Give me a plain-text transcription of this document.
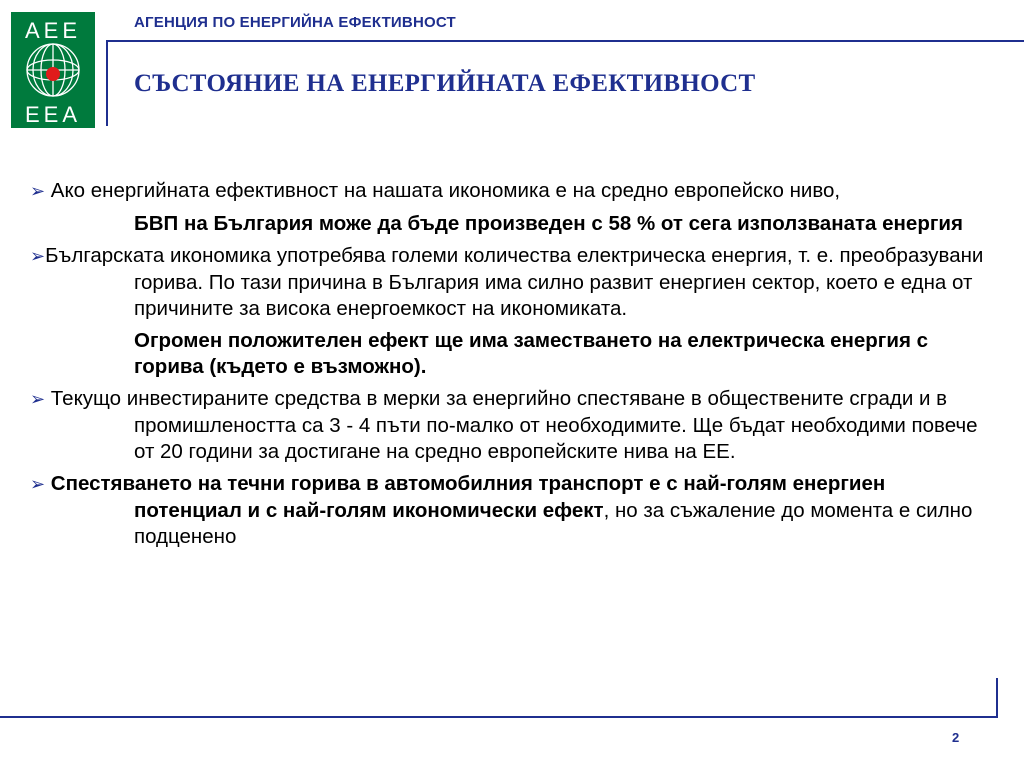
AEE
EEA
АГЕНЦИЯ ПО ЕНЕРГИЙНА ЕФЕКТИВНОСТ
СЪСТОЯНИЕ НА ЕНЕРГИЙНАТА ЕФЕКТИВНОСТ

➢ Ако енергийната ефективност на нашата икономика е на средно европейско ниво,

БВП на България може да бъде произведен с 58 % от сега използваната енергия

➢Българската икономика употребява големи количества електрическа енергия, т. е. преобразувани горива. По тази причина в България има силно развит енергиен сектор, което е една от причините за висока енергоемкост на икономиката.

Огромен положителен ефект ще има заместването на електрическа енергия с горива (където е възможно).

➢ Текущо инвестираните средства в мерки за енергийно спестяване в обществените сгради и в промишлеността са 3 - 4 пъти по-малко от необходимите. Ще бъдат необходими повече от 20 години за достигане на средно европейските нива на ЕЕ.

➢ Спестяването на течни горива в автомобилния транспорт е с най-голям енергиен потенциал и с най-голям икономически ефект, но за съжаление до момента е силно подценено

2
